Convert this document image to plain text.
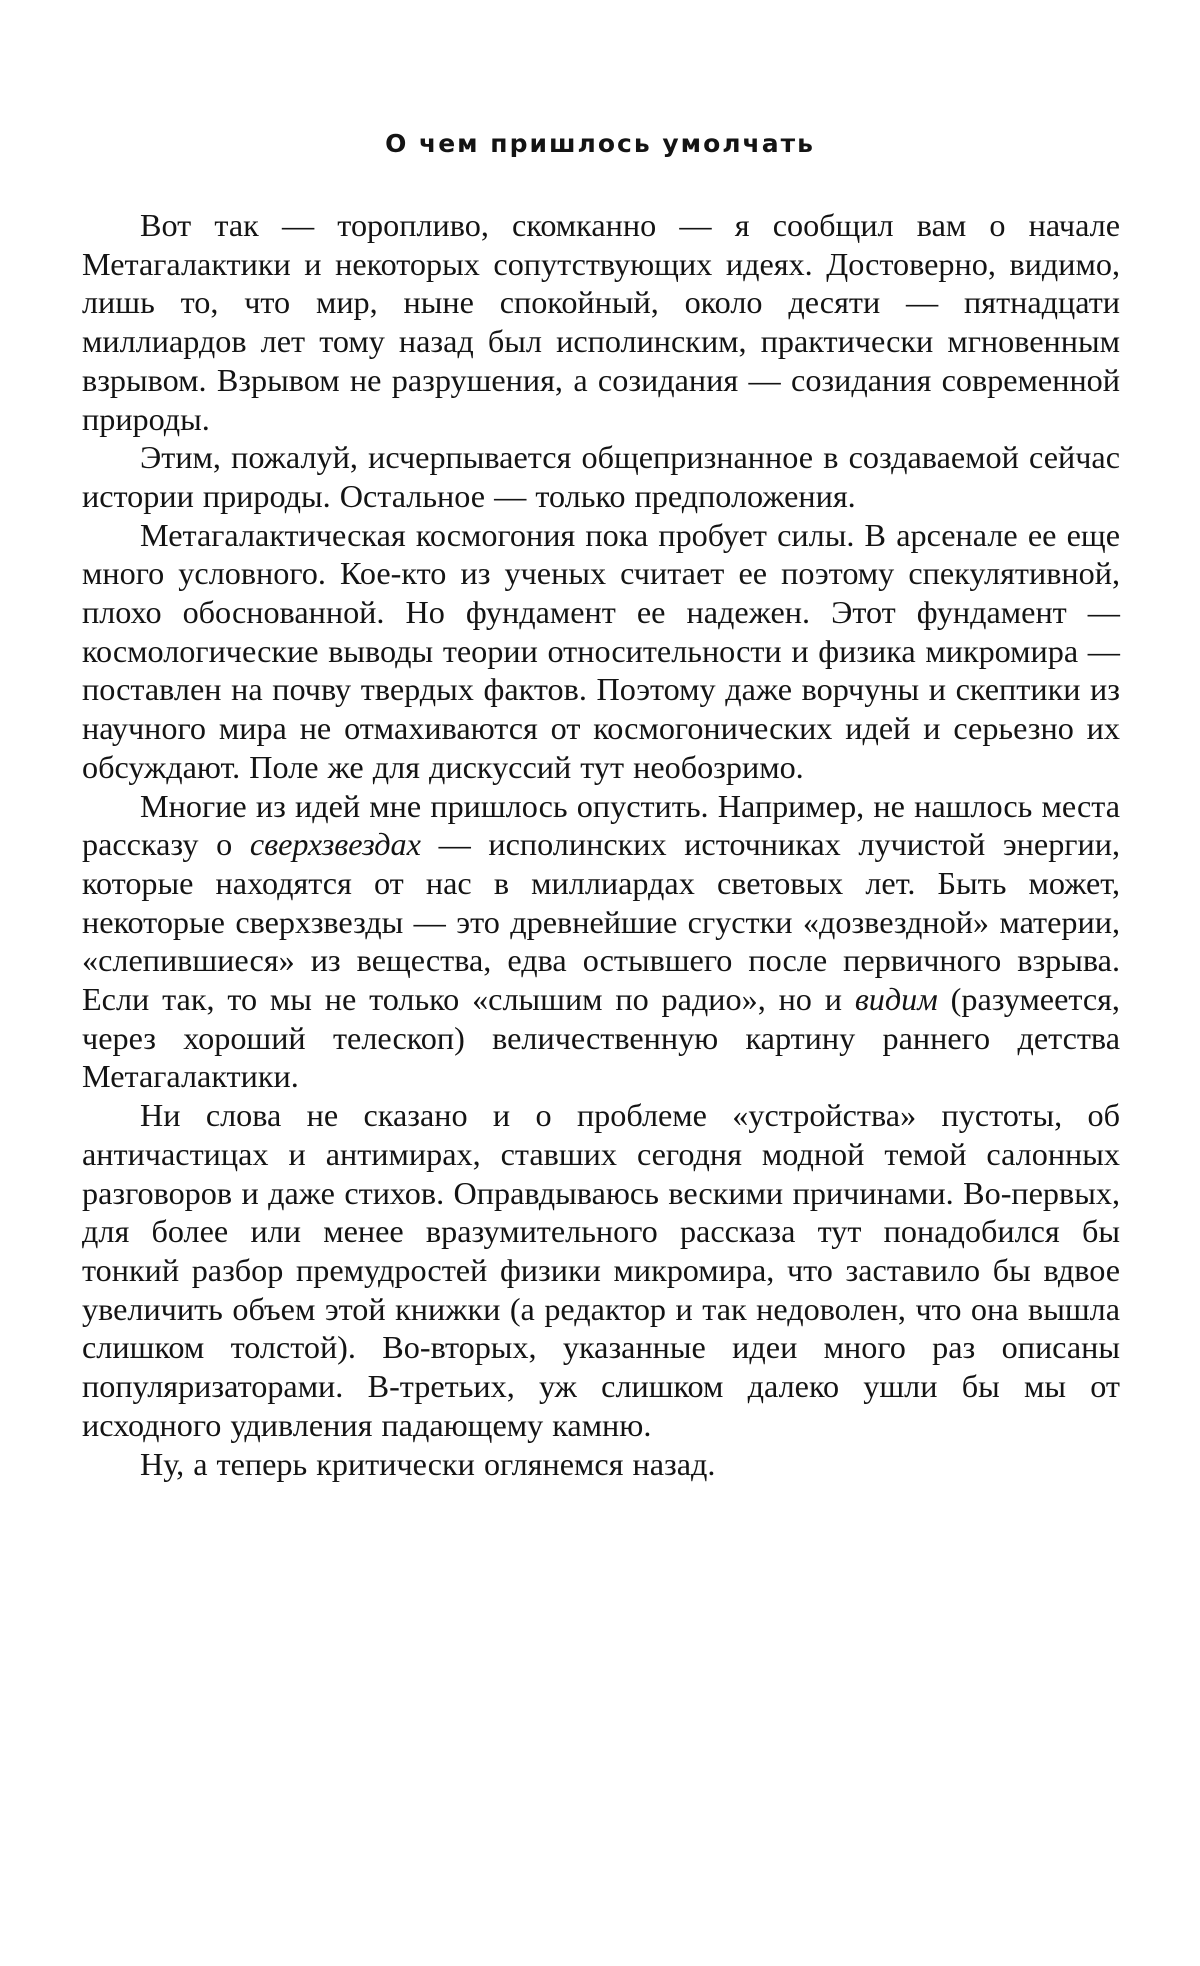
О чем пришлось умолчать

Вот так — торопливо, скомканно — я сообщил вам о начале Метагалактики и некоторых сопутствующих идеях. Достоверно, видимо, лишь то, что мир, ныне спокойный, около десяти — пятнадцати миллиардов лет тому назад был исполинским, практически мгновенным взрывом. Взрывом не разрушения, а созидания — созидания современной природы.

Этим, пожалуй, исчерпывается общепризнанное в создаваемой сейчас истории природы. Остальное — только предположения.

Метагалактическая космогония пока пробует силы. В арсенале ее еще много условного. Кое-кто из ученых считает ее поэтому спекулятивной, плохо обоснованной. Но фундамент ее надежен. Этот фундамент — космологические выводы теории относительности и физика микромира — поставлен на почву твердых фактов. Поэтому даже ворчуны и скептики из научного мира не отмахиваются от космогонических идей и серьезно их обсуждают. Поле же для дискуссий тут необозримо.

Многие из идей мне пришлось опустить. Например, не нашлось места рассказу о сверхзвездах — исполинских источниках лучистой энергии, которые находятся от нас в миллиардах световых лет. Быть может, некоторые сверхзвезды — это древнейшие сгустки «дозвездной» материи, «слепившиеся» из вещества, едва остывшего после первичного взрыва. Если так, то мы не только «слышим по радио», но и видим (разумеется, через хороший телескоп) величественную картину раннего детства Метагалактики.

Ни слова не сказано и о проблеме «устройства» пустоты, об античастицах и антимирах, ставших сегодня модной темой салонных разговоров и даже стихов. Оправдываюсь вескими причинами. Во-первых, для более или менее вразумительного рассказа тут понадобился бы тонкий разбор премудростей физики микромира, что заставило бы вдвое увеличить объем этой книжки (а редактор и так недоволен, что она вышла слишком толстой). Во-вторых, указанные идеи много раз описаны популяризаторами. В-третьих, уж слишком далеко ушли бы мы от исходного удивления падающему камню.

Ну, а теперь критически оглянемся назад.
